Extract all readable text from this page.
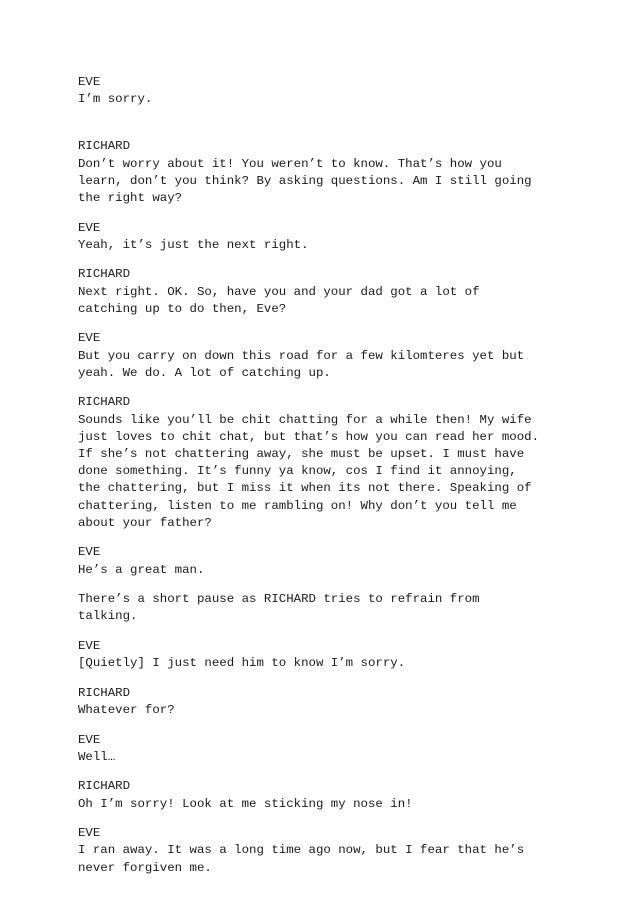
EVE
I’m sorry.
RICHARD
Don’t worry about it! You weren’t to know. That’s how you
learn, don’t you think? By asking questions. Am I still going
the right way?
EVE
Yeah, it’s just the next right.
RICHARD
Next right. OK. So, have you and your dad got a lot of
catching up to do then, Eve?
EVE
But you carry on down this road for a few kilomteres yet but
yeah. We do. A lot of catching up.
RICHARD
Sounds like you’ll be chit chatting for a while then! My wife
just loves to chit chat, but that’s how you can read her mood.
If she’s not chattering away, she must be upset. I must have
done something. It’s funny ya know, cos I find it annoying,
the chattering, but I miss it when its not there. Speaking of
chattering, listen to me rambling on! Why don’t you tell me
about your father?
EVE
He’s a great man.
There’s a short pause as RICHARD tries to refrain from
talking.
EVE
[Quietly] I just need him to know I’m sorry.
RICHARD
Whatever for?
EVE
Well…
RICHARD
Oh I’m sorry! Look at me sticking my nose in!
EVE
I ran away. It was a long time ago now, but I fear that he’s
never forgiven me.
